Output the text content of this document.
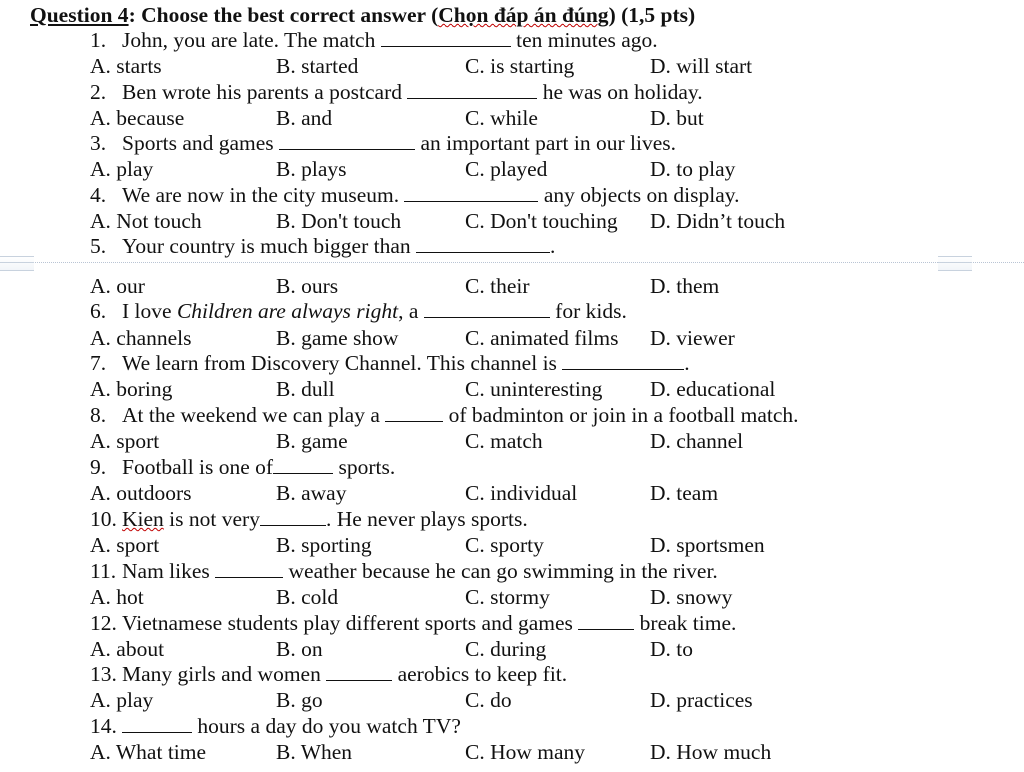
Question 4: Choose the best correct answer (Chọn đáp án đúng) (1,5 pts)
1. John, you are late. The match	ten minutes ago.
A. starts	B. started	C. is starting	D. will start
2. Ben wrote his parents a postcard	he was on holiday.
A. because	B. and	C. while	D. but
3. Sports and games	an important part in our lives.
A. play	B. plays	C. played	D. to play
4. We are now in the city museum.	any objects on display.
A. Not touch	B. Don't touch	C. Don't touching D. Didn’t touch
5. Your country is much bigger than	.
A. our	B. ours	C. their	D. them
6. I love Children are always right, a	for kids.
A. channels	B. game show	C. animated films D. viewer
7. We learn from Discovery Channel. This channel is	.
A. boring	B. dull	C. uninteresting D. educational
8. At the weekend we can play a	of badminton or join in a football match.
A. sport	B. game	C. match	D. channel
9. Football is one of	sports.
A. outdoors	B. away	C. individual	D. team
10. Kien is not very	. He never plays sports.
A. sport	B. sporting	C. sporty	D. sportsmen
11. Nam likes	weather because he can go swimming in the river.
A. hot	B. cold	C. stormy	D. snowy
12. Vietnamese students play different sports and games	break time.
A. about	B. on	C. during	D. to
13. Many girls and women	aerobics to keep fit.
A. play	B. go	C. do	D. practices
14.	hours a day do you watch TV?
A. What time	B. When	C. How many	D. How much
